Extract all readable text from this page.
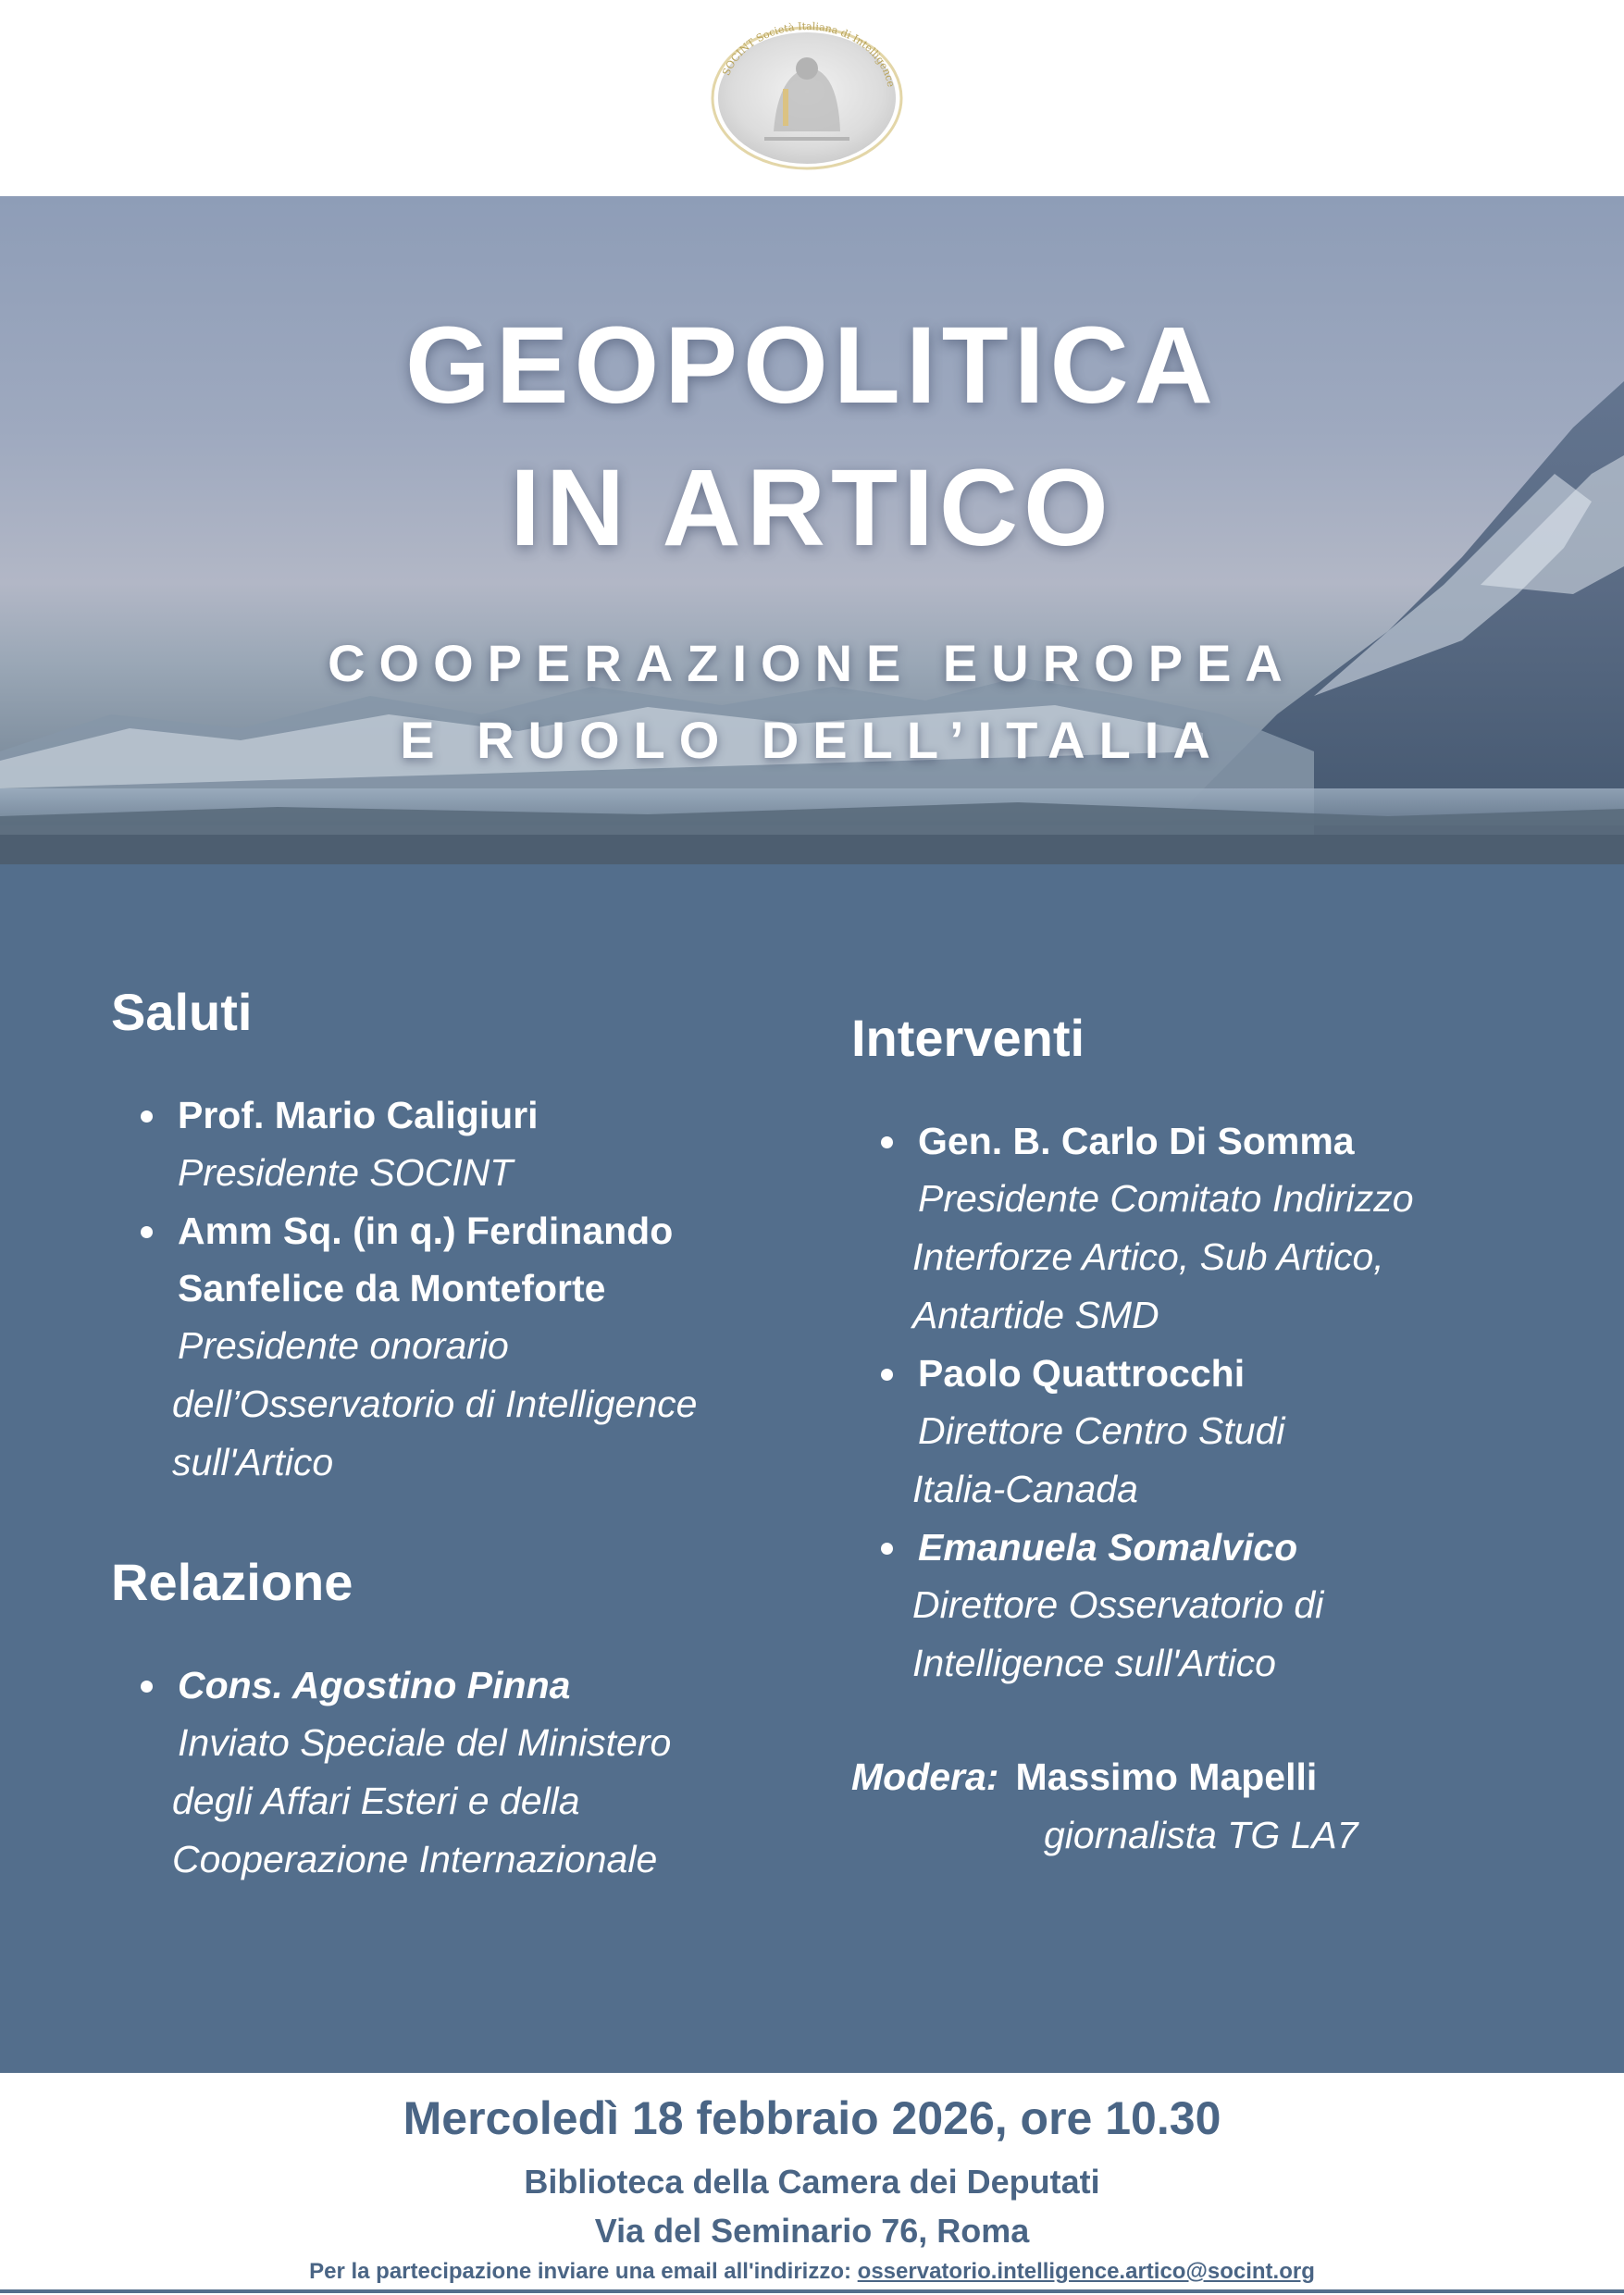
SOCINT Società Italiana di Intelligence
GEOPOLITICA
IN ARTICO

COOPERAZIONE EUROPEA

E RUOLO DELL’ITALIA

Saluti
Prof. Mario Caligiuri
Presidente SOCINT
Amm Sq. (in q.) Ferdinando
Sanfelice da Monteforte
Presidente onorario
dell’Osservatorio di Intelligence
sull'Artico
Relazione
Cons. Agostino Pinna
Inviato Speciale del Ministero
degli Affari Esteri e della
Cooperazione Internazionale
Interventi
Gen. B. Carlo Di Somma
Presidente Comitato Indirizzo
Interforze Artico, Sub Artico,
Antartide SMD
Paolo Quattrocchi
Direttore Centro Studi
Italia-Canada
Emanuela Somalvico
Direttore Osservatorio di
Intelligence sull'Artico
Modera: Massimo Mapelli
giornalista TG LA7
Mercoledì 18 febbraio 2026, ore 10.30
Biblioteca della Camera dei Deputati
Via del Seminario 76, Roma
Per la partecipazione inviare una email all'indirizzo: osservatorio.intelligence.artico@socint.org
